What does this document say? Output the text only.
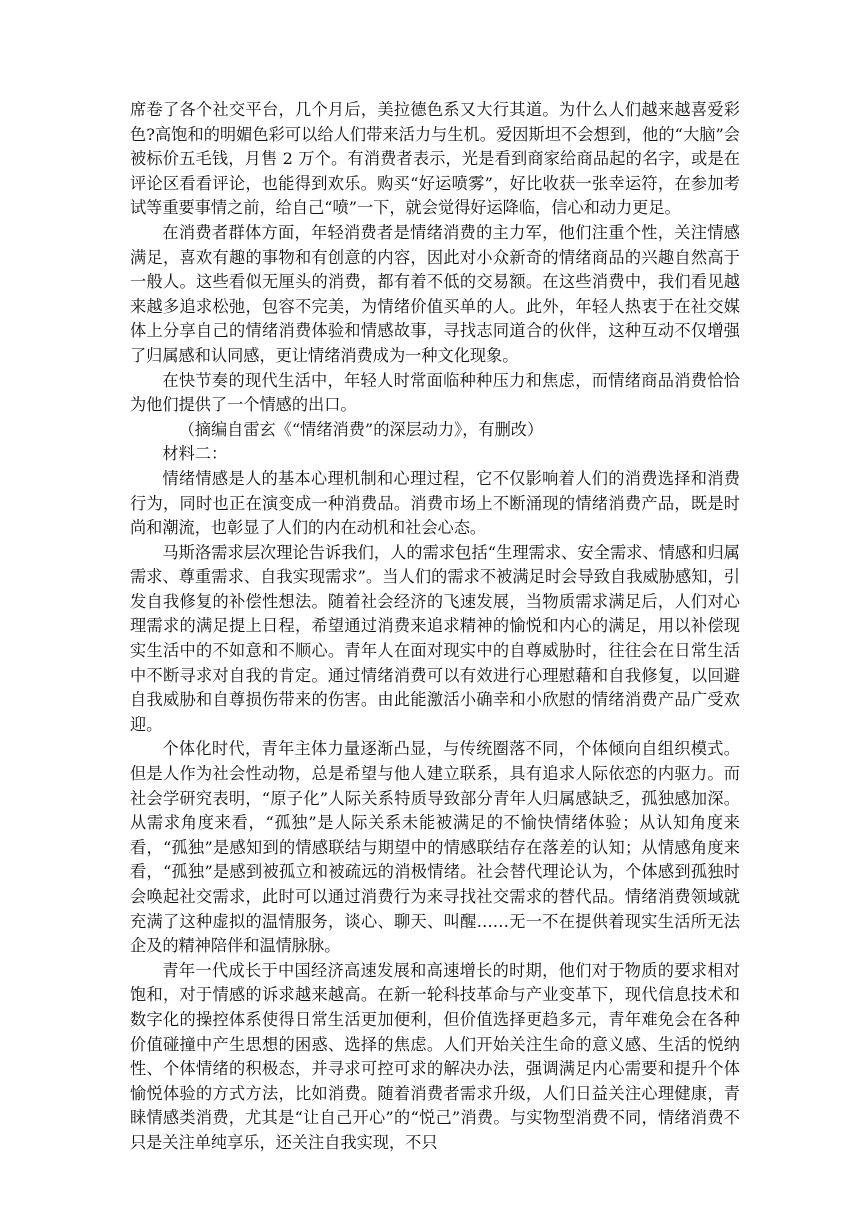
席卷了各个社交平台，几个月后，美拉德色系又大行其道。为什么人们越来越喜爱彩色?高饱和的明媚色彩可以给人们带来活力与生机。爱因斯坦不会想到，他的“大脑”会被标价五毛钱，月售 2 万个。有消费者表示，光是看到商家给商品起的名字，或是在评论区看看评论，也能得到欢乐。购买“好运喷雾”，好比收获一张幸运符，在参加考试等重要事情之前，给自己“喷”一下，就会觉得好运降临，信心和动力更足。

在消费者群体方面，年轻消费者是情绪消费的主力军，他们注重个性，关注情感满足，喜欢有趣的事物和有创意的内容，因此对小众新奇的情绪商品的兴趣自然高于一般人。这些看似无厘头的消费，都有着不低的交易额。在这些消费中，我们看见越来越多追求松弛，包容不完美，为情绪价值买单的人。此外，年轻人热衷于在社交媒体上分享自己的情绪消费体验和情感故事，寻找志同道合的伙伴，这种互动不仅增强了归属感和认同感，更让情绪消费成为一种文化现象。

在快节奏的现代生活中，年轻人时常面临种种压力和焦虑，而情绪商品消费恰恰为他们提供了一个情感的出口。

（摘编自雷玄《“情绪消费”的深层动力》，有删改）

材料二：

情绪情感是人的基本心理机制和心理过程，它不仅影响着人们的消费选择和消费行为，同时也正在演变成一种消费品。消费市场上不断涌现的情绪消费产品，既是时尚和潮流，也彰显了人们的内在动机和社会心态。

马斯洛需求层次理论告诉我们，人的需求包括“生理需求、安全需求、情感和归属需求、尊重需求、自我实现需求”。当人们的需求不被满足时会导致自我威胁感知，引发自我修复的补偿性想法。随着社会经济的飞速发展，当物质需求满足后，人们对心理需求的满足提上日程，希望通过消费来追求精神的愉悦和内心的满足，用以补偿现实生活中的不如意和不顺心。青年人在面对现实中的自尊威胁时，往往会在日常生活中不断寻求对自我的肯定。通过情绪消费可以有效进行心理慰藉和自我修复，以回避自我威胁和自尊损伤带来的伤害。由此能激活小确幸和小欣慰的情绪消费产品广受欢迎。

个体化时代，青年主体力量逐渐凸显，与传统圈落不同，个体倾向自组织模式。但是人作为社会性动物，总是希望与他人建立联系，具有追求人际依恋的内驱力。而社会学研究表明，“原子化”人际关系特质导致部分青年人归属感缺乏，孤独感加深。从需求角度来看，“孤独”是人际关系未能被满足的不愉快情绪体验；从认知角度来看，“孤独”是感知到的情感联结与期望中的情感联结存在落差的认知；从情感角度来看，“孤独”是感到被孤立和被疏远的消极情绪。社会替代理论认为，个体感到孤独时会唤起社交需求，此时可以通过消费行为来寻找社交需求的替代品。情绪消费领域就充满了这种虚拟的温情服务，谈心、聊天、叫醒……无一不在提供着现实生活所无法企及的精神陪伴和温情脉脉。

青年一代成长于中国经济高速发展和高速增长的时期，他们对于物质的要求相对饱和，对于情感的诉求越来越高。在新一轮科技革命与产业变革下，现代信息技术和数字化的操控体系使得日常生活更加便利，但价值选择更趋多元，青年难免会在各种价值碰撞中产生思想的困惑、选择的焦虑。人们开始关注生命的意义感、生活的悦纳性、个体情绪的积极态，并寻求可控可求的解决办法，强调满足内心需要和提升个体愉悦体验的方式方法，比如消费。随着消费者需求升级，人们日益关注心理健康，青睐情感类消费，尤其是“让自己开心”的“悦己”消费。与实物型消费不同，情绪消费不只是关注单纯享乐，还关注自我实现，不只
